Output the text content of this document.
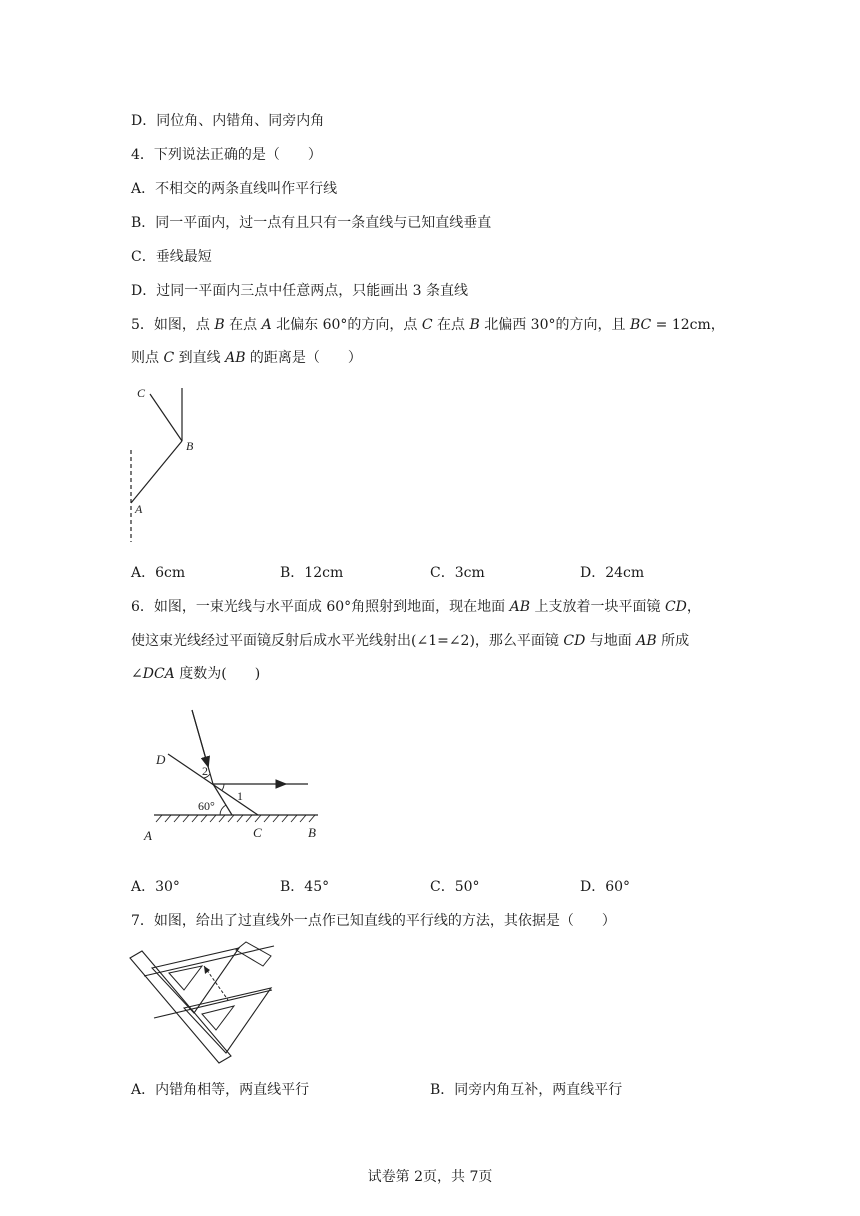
D．同位角、内错角、同旁内角
4．下列说法正确的是（　　）
A．不相交的两条直线叫作平行线
B．同一平面内，过一点有且只有一条直线与已知直线垂直
C．垂线最短
D．过同一平面内三点中任意两点，只能画出 3 条直线
5．如图，点 B 在点 A 北偏东 60°的方向，点 C 在点 B 北偏西 30°的方向，且 BC = 12cm，
则点 C 到直线 AB 的距离是（　　）
C
B
A
A．6cm	B．12cm	C．3cm	D．24cm
6．如图，一束光线与水平面成 60°角照射到地面，现在地面 AB 上支放着一块平面镜 CD，
使这束光线经过平面镜反射后成水平光线射出(∠1=∠2)，那么平面镜 CD 与地面 AB 所成
∠DCA 度数为(　　)
D
2
1
60°
A	C	B
A．30°	B．45°	C．50°	D．60°
7．如图，给出了过直线外一点作已知直线的平行线的方法，其依据是（　　）
A．内错角相等，两直线平行	B．同旁内角互补，两直线平行
试卷第 2页，共 7页
